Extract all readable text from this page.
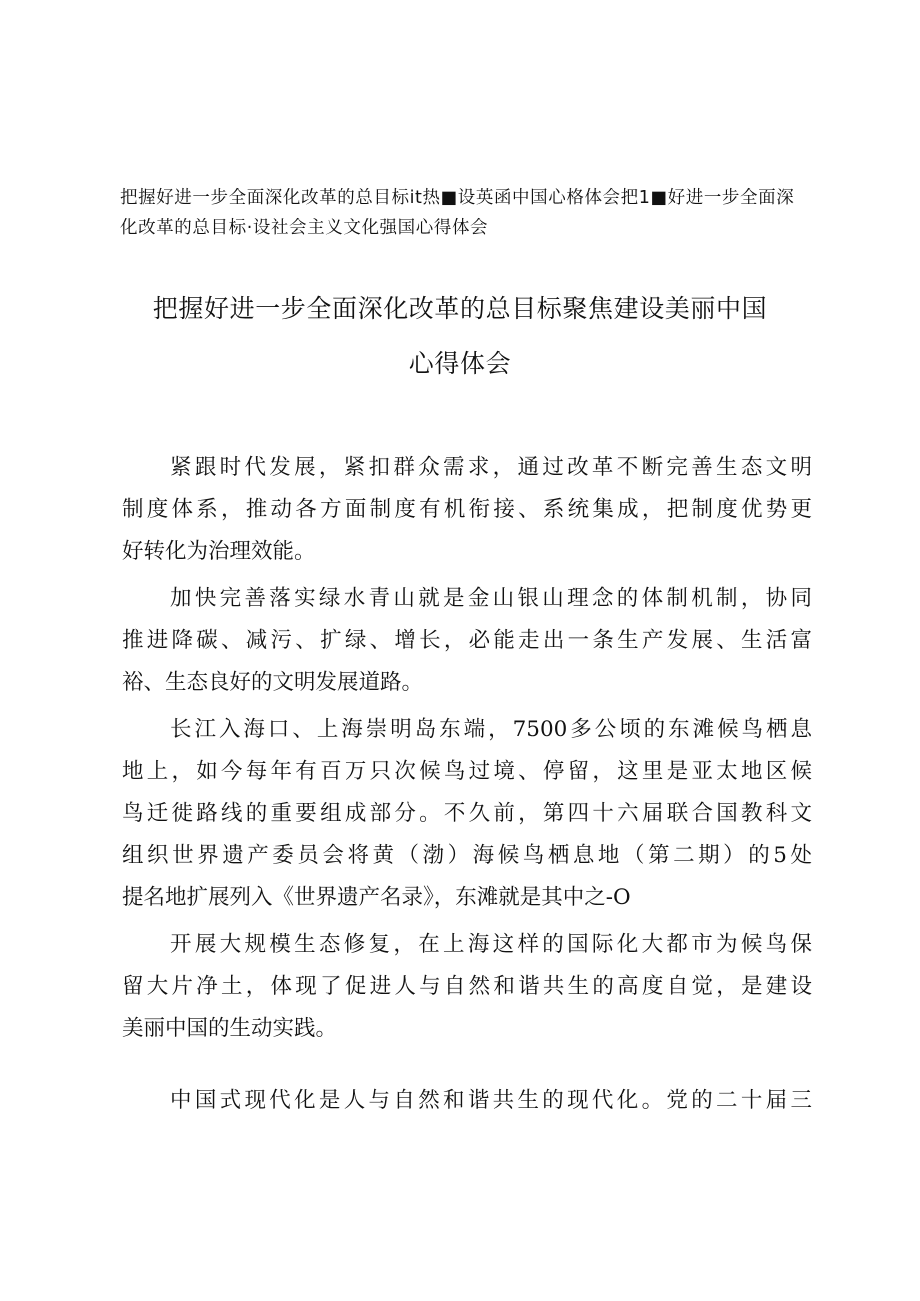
把握好进一步全面深化改革的总目标it热■设英函中国心格体会把1■好进一步全面深
化改革的总目标·设社会主义文化强国心得体会
把握好进一步全面深化改革的总目标聚焦建设美丽中国
心得体会
紧跟时代发展，紧扣群众需求，通过改革不断完善生态文明
制度体系，推动各方面制度有机衔接、系统集成，把制度优势更
好转化为治理效能。
加快完善落实绿水青山就是金山银山理念的体制机制，协同
推进降碳、减污、扩绿、增长，必能走出一条生产发展、生活富
裕、生态良好的文明发展道路。
长江入海口、上海崇明岛东端，7500多公顷的东滩候鸟栖息
地上，如今每年有百万只次候鸟过境、停留，这里是亚太地区候
鸟迁徙路线的重要组成部分。不久前，第四十六届联合国教科文
组织世界遗产委员会将黄（渤）海候鸟栖息地（第二期）的5处
提名地扩展列入《世界遗产名录》，东滩就是其中之-O
开展大规模生态修复，在上海这样的国际化大都市为候鸟保
留大片净土，体现了促进人与自然和谐共生的高度自觉，是建设
美丽中国的生动实践。
中国式现代化是人与自然和谐共生的现代化。党的二十届三
